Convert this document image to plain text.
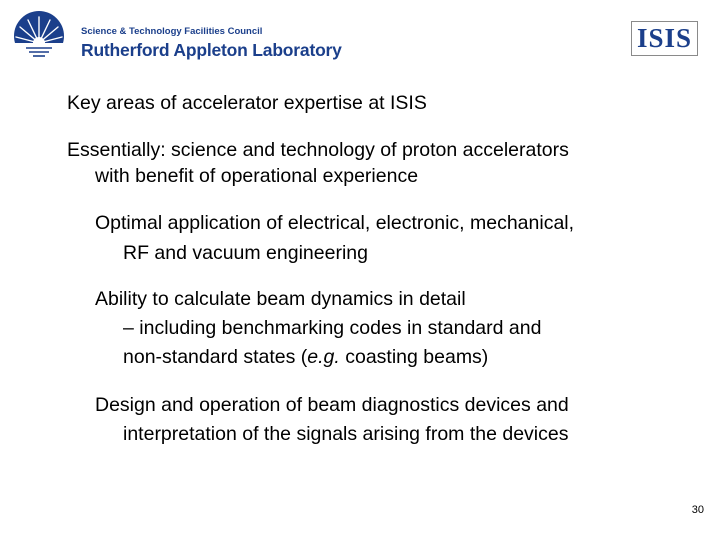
Science & Technology Facilities Council
Rutherford Appleton Laboratory	ISIS
Key areas of accelerator expertise at ISIS
Essentially: science and technology of proton accelerators
with benefit of operational experience
Optimal application of electrical, electronic, mechanical,
RF and vacuum engineering
Ability to calculate beam dynamics in detail
– including benchmarking codes in standard and
non-standard states (e.g. coasting beams)
Design and operation of beam diagnostics devices and
interpretation of the signals arising from the devices
30
